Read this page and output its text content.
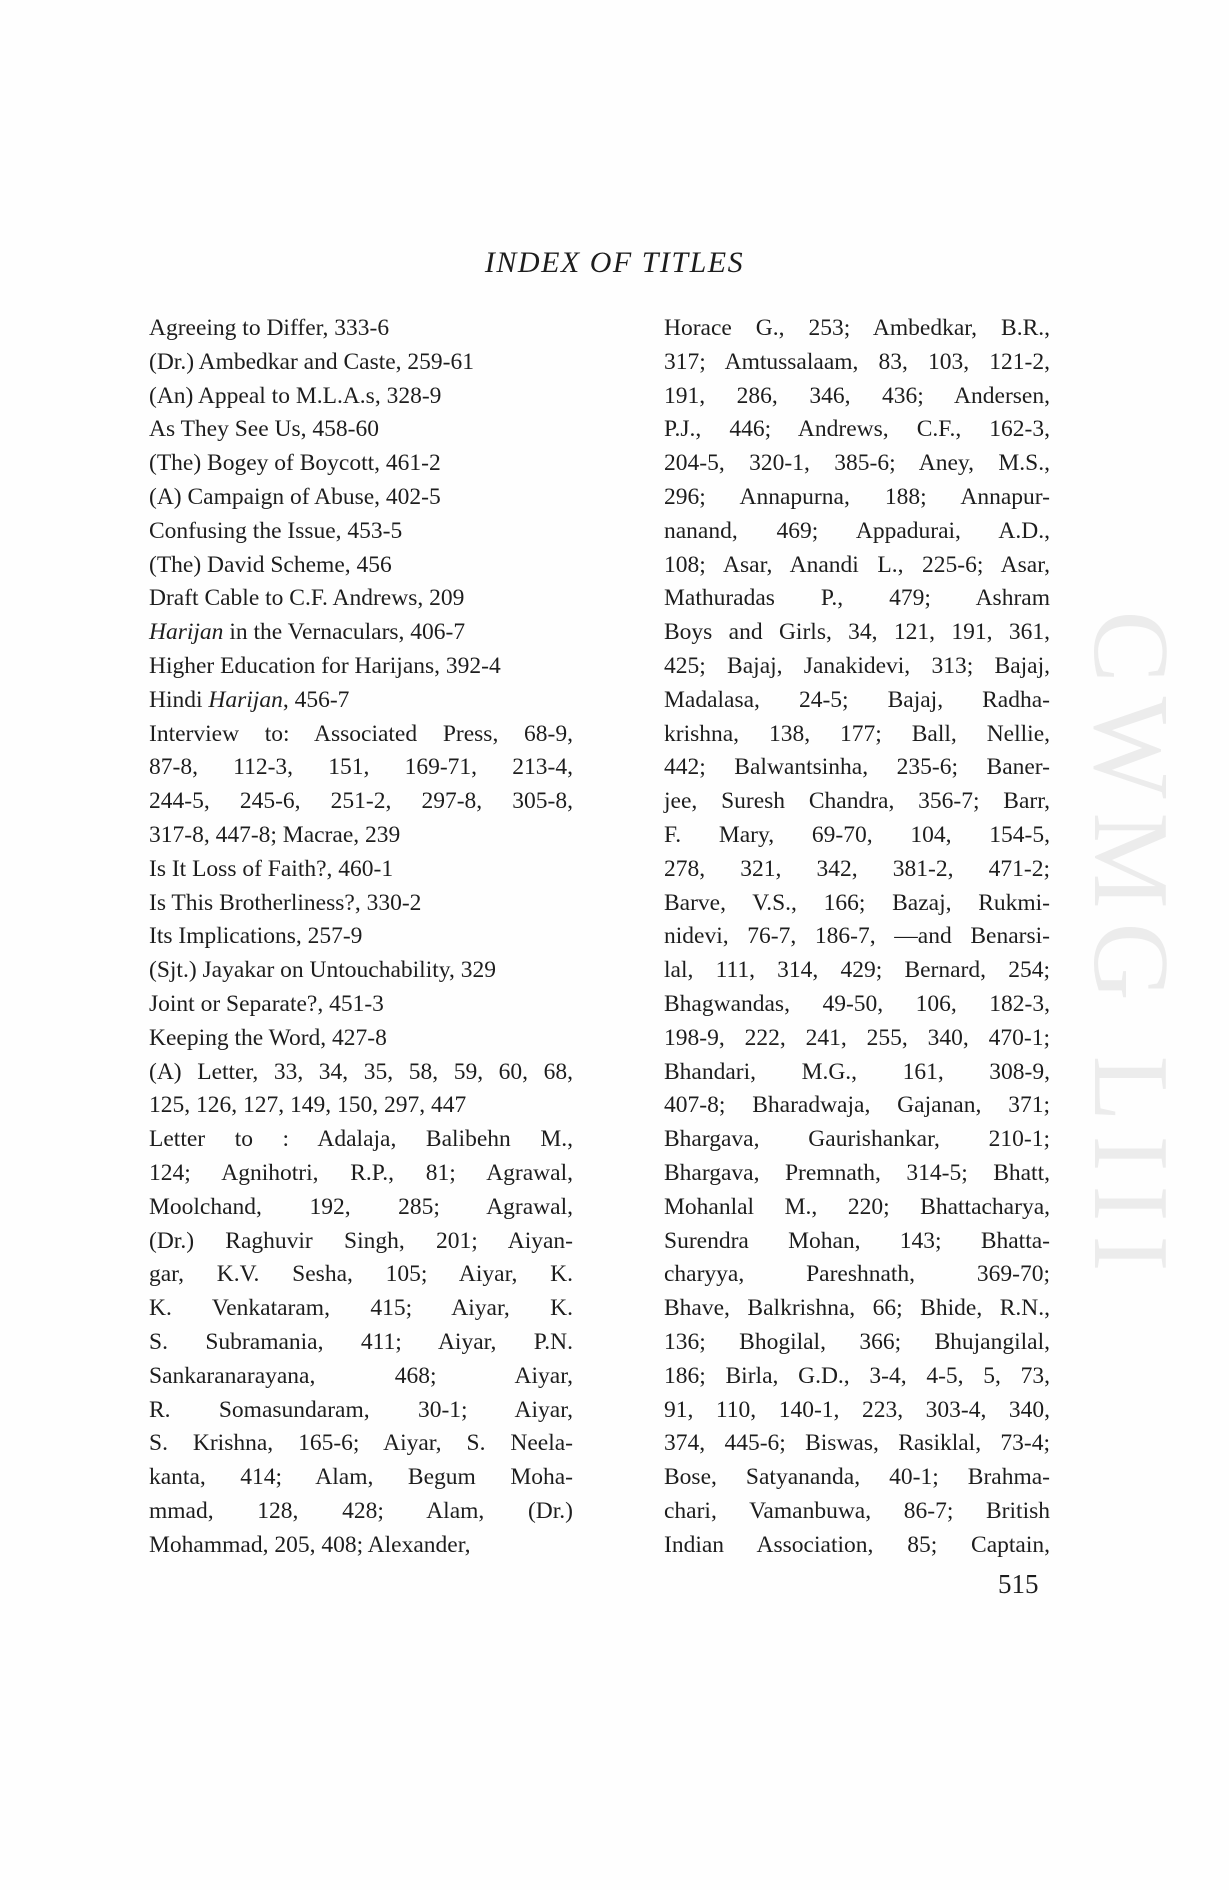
CWMG LIII
INDEX OF TITLES
Agreeing to Differ, 333-6
(Dr.) Ambedkar and Caste, 259-61
(An) Appeal to M.L.A.s, 328-9
As They See Us, 458-60
(The) Bogey of Boycott, 461-2
(A) Campaign of Abuse, 402-5
Confusing the Issue, 453-5
(The) David Scheme, 456
Draft Cable to C.F. Andrews, 209
Harijan in the Vernaculars, 406-7
Higher Education for Harijans, 392-4
Hindi Harijan, 456-7
Interview to: Associated Press, 68-9,
87-8, 112-3, 151, 169-71, 213-4,
244-5, 245-6, 251-2, 297-8, 305-8,
317-8, 447-8; Macrae, 239
Is It Loss of Faith?, 460-1
Is This Brotherliness?, 330-2
Its Implications, 257-9
(Sjt.) Jayakar on Untouchability, 329
Joint or Separate?, 451-3
Keeping the Word, 427-8
(A) Letter, 33, 34, 35, 58, 59, 60, 68,
125, 126, 127, 149, 150, 297, 447
Letter to : Adalaja, Balibehn M.,
124; Agnihotri, R.P., 81; Agrawal,
Moolchand, 192, 285; Agrawal,
(Dr.) Raghuvir Singh, 201; Aiyan-
gar, K.V. Sesha, 105; Aiyar, K.
K. Venkataram, 415; Aiyar, K.
S. Subramania, 411; Aiyar, P.N.
Sankaranarayana, 468; Aiyar,
R. Somasundaram, 30-1; Aiyar,
S. Krishna, 165-6; Aiyar, S. Neela-
kanta, 414; Alam, Begum Moha-
mmad, 128, 428; Alam, (Dr.)
Mohammad, 205, 408; Alexander,
Horace G., 253; Ambedkar, B.R.,
317; Amtussalaam, 83, 103, 121-2,
191, 286, 346, 436; Andersen,
P.J., 446; Andrews, C.F., 162-3,
204-5, 320-1, 385-6; Aney, M.S.,
296; Annapurna, 188; Annapur-
nanand, 469; Appadurai, A.D.,
108; Asar, Anandi L., 225-6; Asar,
Mathuradas P., 479; Ashram
Boys and Girls, 34, 121, 191, 361,
425; Bajaj, Janakidevi, 313; Bajaj,
Madalasa, 24-5; Bajaj, Radha-
krishna, 138, 177; Ball, Nellie,
442; Balwantsinha, 235-6; Baner-
jee, Suresh Chandra, 356-7; Barr,
F. Mary, 69-70, 104, 154-5,
278, 321, 342, 381-2, 471-2;
Barve, V.S., 166; Bazaj, Rukmi-
nidevi, 76-7, 186-7, —and Benarsi-
lal, 111, 314, 429; Bernard, 254;
Bhagwandas, 49-50, 106, 182-3,
198-9, 222, 241, 255, 340, 470-1;
Bhandari, M.G., 161, 308-9,
407-8; Bharadwaja, Gajanan, 371;
Bhargava, Gaurishankar, 210-1;
Bhargava, Premnath, 314-5; Bhatt,
Mohanlal M., 220; Bhattacharya,
Surendra Mohan, 143; Bhatta-
charyya, Pareshnath, 369-70;
Bhave, Balkrishna, 66; Bhide, R.N.,
136; Bhogilal, 366; Bhujangilal,
186; Birla, G.D., 3-4, 4-5, 5, 73,
91, 110, 140-1, 223, 303-4, 340,
374, 445-6; Biswas, Rasiklal, 73-4;
Bose, Satyananda, 40-1; Brahma-
chari, Vamanbuwa, 86-7; British
Indian Association, 85; Captain,
515
